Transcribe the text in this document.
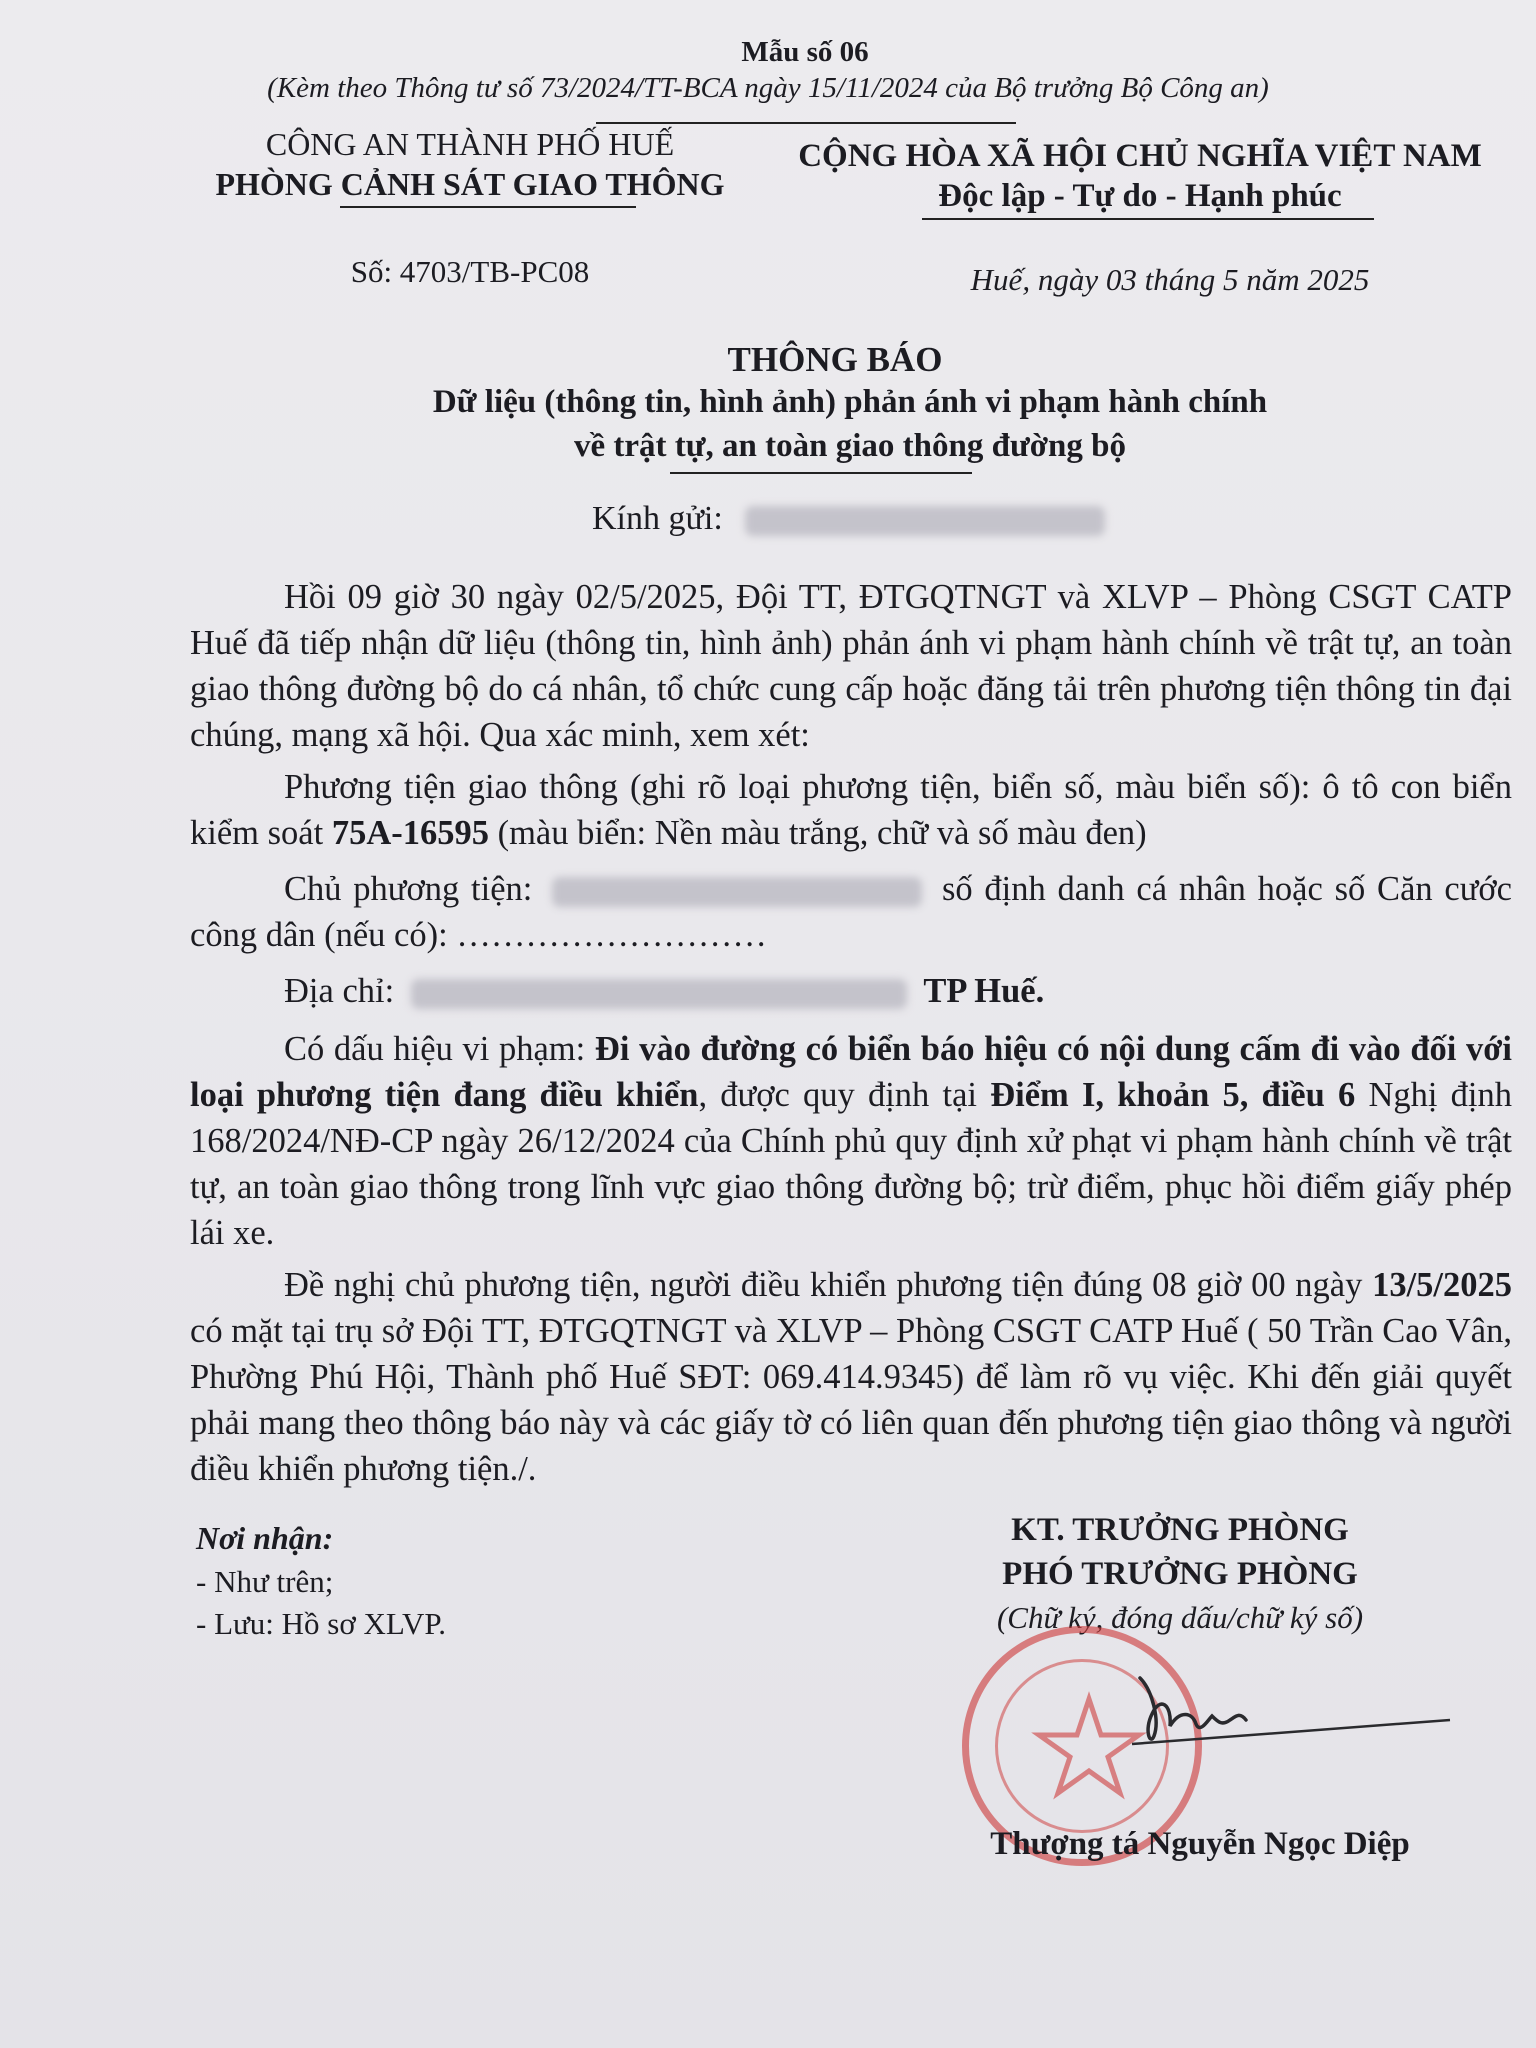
Mẫu số 06
(Kèm theo Thông tư số 73/2024/TT-BCA ngày 15/11/2024 của Bộ trưởng Bộ Công an)
CÔNG AN THÀNH PHỐ HUẾ
PHÒNG CẢNH SÁT GIAO THÔNG
Số: 4703/TB-PC08
CỘNG HÒA XÃ HỘI CHỦ NGHĨA VIỆT NAM
Độc lập - Tự do - Hạnh phúc
Huế, ngày 03 tháng 5 năm 2025
THÔNG BÁO
Dữ liệu (thông tin, hình ảnh) phản ánh vi phạm hành chính
về trật tự, an toàn giao thông đường bộ
Kính gửi:
Hồi 09 giờ 30 ngày 02/5/2025, Đội TT, ĐTGQTNGT và XLVP – Phòng CSGT CATP Huế đã tiếp nhận dữ liệu (thông tin, hình ảnh) phản ánh vi phạm hành chính về trật tự, an toàn giao thông đường bộ do cá nhân, tổ chức cung cấp hoặc đăng tải trên phương tiện thông tin đại chúng, mạng xã hội. Qua xác minh, xem xét:
Phương tiện giao thông (ghi rõ loại phương tiện, biển số, màu biển số): ô tô con biển kiểm soát 75A-16595 (màu biển: Nền màu trắng, chữ và số màu đen)
Chủ phương tiện:	số định danh cá nhân hoặc số Căn cước công dân (nếu có): ………………………
Địa chỉ:	TP Huế.
Có dấu hiệu vi phạm: Đi vào đường có biển báo hiệu có nội dung cấm đi vào đối với loại phương tiện đang điều khiển, được quy định tại Điểm I, khoản 5, điều 6 Nghị định 168/2024/NĐ-CP ngày 26/12/2024 của Chính phủ quy định xử phạt vi phạm hành chính về trật tự, an toàn giao thông trong lĩnh vực giao thông đường bộ; trừ điểm, phục hồi điểm giấy phép lái xe.
Đề nghị chủ phương tiện, người điều khiển phương tiện đúng 08 giờ 00 ngày 13/5/2025 có mặt tại trụ sở Đội TT, ĐTGQTNGT và XLVP – Phòng CSGT CATP Huế ( 50 Trần Cao Vân, Phường Phú Hội, Thành phố Huế SĐT: 069.414.9345) để làm rõ vụ việc. Khi đến giải quyết phải mang theo thông báo này và các giấy tờ có liên quan đến phương tiện giao thông và người điều khiển phương tiện./.
Nơi nhận:
- Như trên;
- Lưu: Hồ sơ XLVP.
KT. TRƯỞNG PHÒNG
PHÓ TRƯỞNG PHÒNG
(Chữ ký, đóng dấu/chữ ký số)
Thượng tá Nguyễn Ngọc Diệp
